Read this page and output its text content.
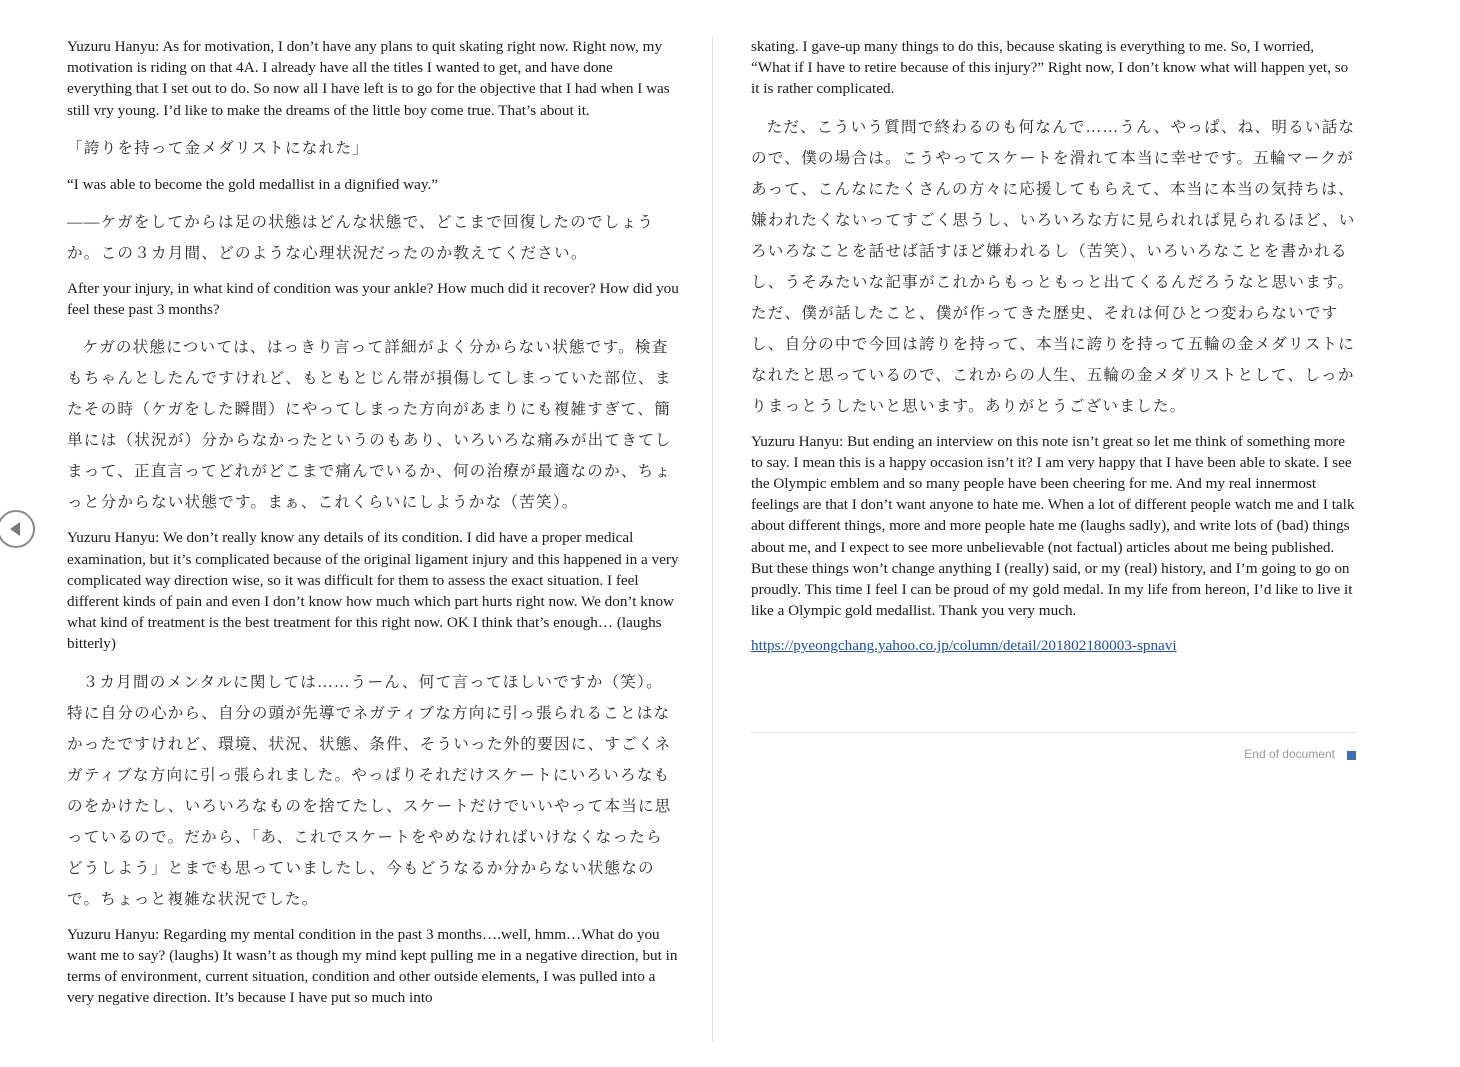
Yuzuru Hanyu: As for motivation, I don’t have any plans to quit skating right now. Right now, my motivation is riding on that 4A. I already have all the titles I wanted to get, and have done everything that I set out to do. So now all I have left is to go for the objective that I had when I was still vry young. I’d like to make the dreams of the little boy come true. That’s about it.

「誇りを持って金メダリストになれた」

“I was able to become the gold medallist in a dignified way.”

――ケガをしてからは足の状態はどんな状態で、どこまで回復したのでしょうか。この３カ月間、どのような心理状況だったのか教えてください。

After your injury, in what kind of condition was your ankle? How much did it recover? How did you feel these past 3 months?

ケガの状態については、はっきり言って詳細がよく分からない状態です。検査もちゃんとしたんですけれど、もともとじん帯が損傷してしまっていた部位、またその時（ケガをした瞬間）にやってしまった方向があまりにも複雑すぎて、簡単には（状況が）分からなかったというのもあり、いろいろな痛みが出てきてしまって、正直言ってどれがどこまで痛んでいるか、何の治療が最適なのか、ちょっと分からない状態です。まぁ、これくらいにしようかな（苦笑）。

Yuzuru Hanyu: We don’t really know any details of its condition. I did have a proper medical examination, but it’s complicated because of the original ligament injury and this happened in a very complicated way direction wise, so it was difficult for them to assess the exact situation. I feel different kinds of pain and even I don’t know how much which part hurts right now. We don’t know what kind of treatment is the best treatment for this right now. OK I think that’s enough… (laughs bitterly)

３カ月間のメンタルに関しては……うーん、何て言ってほしいですか（笑）。特に自分の心から、自分の頭が先導でネガティブな方向に引っ張られることはなかったですけれど、環境、状況、状態、条件、そういった外的要因に、すごくネガティブな方向に引っ張られました。やっぱりそれだけスケートにいろいろなものをかけたし、いろいろなものを捨てたし、スケートだけでいいやって本当に思っているので。だから、「あ、これでスケートをやめなければいけなくなったらどうしよう」とまでも思っていましたし、今もどうなるか分からない状態なので。ちょっと複雑な状況でした。

Yuzuru Hanyu: Regarding my mental condition in the past 3 months….well, hmm…What do you want me to say? (laughs) It wasn’t as though my mind kept pulling me in a negative direction, but in terms of environment, current situation, condition and other outside elements, I was pulled into a very negative direction. It’s because I have put so much into

skating. I gave-up many things to do this, because skating is everything to me. So, I worried, “What if I have to retire because of this injury?” Right now, I don’t know what will happen yet, so it is rather complicated.

ただ、こういう質問で終わるのも何なんで……うん、やっぱ、ね、明るい話なので、僕の場合は。こうやってスケートを滑れて本当に幸せです。五輪マークがあって、こんなにたくさんの方々に応援してもらえて、本当に本当の気持ちは、嫌われたくないってすごく思うし、いろいろな方に見られれば見られるほど、いろいろなことを話せば話すほど嫌われるし（苦笑）、いろいろなことを書かれるし、うそみたいな記事がこれからもっともっと出てくるんだろうなと思います。ただ、僕が話したこと、僕が作ってきた歴史、それは何ひとつ変わらないですし、自分の中で今回は誇りを持って、本当に誇りを持って五輪の金メダリストになれたと思っているので、これからの人生、五輪の金メダリストとして、しっかりまっとうしたいと思います。ありがとうございました。

Yuzuru Hanyu: But ending an interview on this note isn’t great so let me think of something more to say. I mean this is a happy occasion isn’t it? I am very happy that I have been able to skate. I see the Olympic emblem and so many people have been cheering for me. And my real innermost feelings are that I don’t want anyone to hate me. When a lot of different people watch me and I talk about different things, more and more people hate me (laughs sadly), and write lots of (bad) things about me, and I expect to see more unbelievable (not factual) articles about me being published. But these things won’t change anything I (really) said, or my (real) history, and I’m going to go on proudly. This time I feel I can be proud of my gold medal. In my life from hereon, I’d like to live it like a Olympic gold medallist. Thank you very much.

https://pyeongchang.yahoo.co.jp/column/detail/201802180003-spnavi
End of document
